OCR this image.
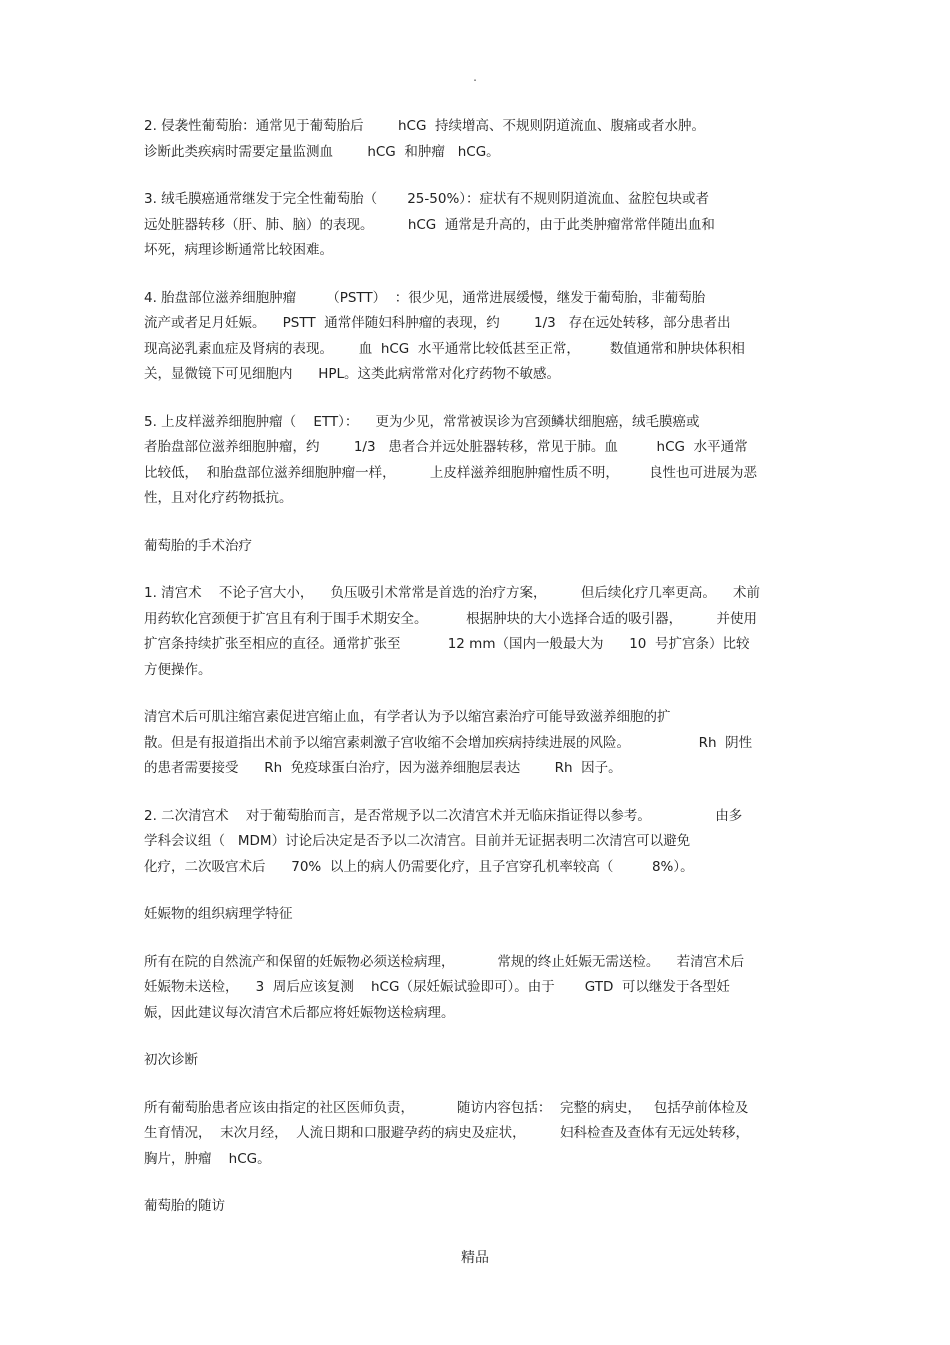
.
2. 侵袭性葡萄胎：通常见于葡萄胎后        hCG  持续增高、不规则阴道流血、腹痛或者水肿。
诊断此类疾病时需要定量监测血        hCG  和肿瘤   hCG。
3. 绒毛膜癌通常继发于完全性葡萄胎（       25-50%）：症状有不规则阴道流血、盆腔包块或者
远处脏器转移（肝、肺、脑）的表现。        hCG  通常是升高的，由于此类肿瘤常常伴随出血和
坏死，病理诊断通常比较困难。
4. 胎盘部位滋养细胞肿瘤       （PSTT）  ：很少见，通常进展缓慢，继发于葡萄胎，非葡萄胎
流产或者足月妊娠。    PSTT  通常伴随妇科肿瘤的表现，约        1/3   存在远处转移，部分患者出
现高泌乳素血症及肾病的表现。      血  hCG  水平通常比较低甚至正常，       数值通常和肿块体积相
关，显微镜下可见细胞内      HPL。这类此病常常对化疗药物不敏感。
5. 上皮样滋养细胞肿瘤（    ETT）：    更为少见，常常被误诊为宫颈鳞状细胞癌，绒毛膜癌或
者胎盘部位滋养细胞肿瘤，约        1/3   患者合并远处脏器转移，常见于肺。血         hCG  水平通常
比较低，  和胎盘部位滋养细胞肿瘤一样，        上皮样滋养细胞肿瘤性质不明，       良性也可进展为恶
性，且对化疗药物抵抗。
葡萄胎的手术治疗
1. 清宫术    不论子宫大小，    负压吸引术常常是首选的治疗方案，        但后续化疗几率更高。    术前
用药软化宫颈便于扩宫且有利于围手术期安全。         根据肿块的大小选择合适的吸引器，        并使用
扩宫条持续扩张至相应的直径。通常扩张至           12 mm（国内一般最大为      10  号扩宫条）比较
方便操作。
清宫术后可肌注缩宫素促进宫缩止血，有学者认为予以缩宫素治疗可能导致滋养细胞的扩
散。但是有报道指出术前予以缩宫素刺激子宫收缩不会增加疾病持续进展的风险。                Rh  阴性
的患者需要接受      Rh  免疫球蛋白治疗，因为滋养细胞层表达        Rh  因子。
2. 二次清宫术    对于葡萄胎而言，是否常规予以二次清宫术并无临床指证得以参考。               由多
学科会议组（   MDM）讨论后决定是否予以二次清宫。目前并无证据表明二次清宫可以避免
化疗，二次吸宫术后      70%  以上的病人仍需要化疗，且子宫穿孔机率较高（         8%）。
妊娠物的组织病理学特征
所有在院的自然流产和保留的妊娠物必须送检病理，          常规的终止妊娠无需送检。    若清宫术后
妊娠物未送检，    3  周后应该复测    hCG（尿妊娠试验即可）。由于       GTD  可以继发于各型妊
娠，因此建议每次清宫术后都应将妊娠物送检病理。
初次诊断
所有葡萄胎患者应该由指定的社区医师负责，          随访内容包括：  完整的病史，   包括孕前体检及
生育情况，  末次月经，  人流日期和口服避孕药的病史及症状，        妇科检查及查体有无远处转移，
胸片，肿瘤    hCG。
葡萄胎的随访
精品
